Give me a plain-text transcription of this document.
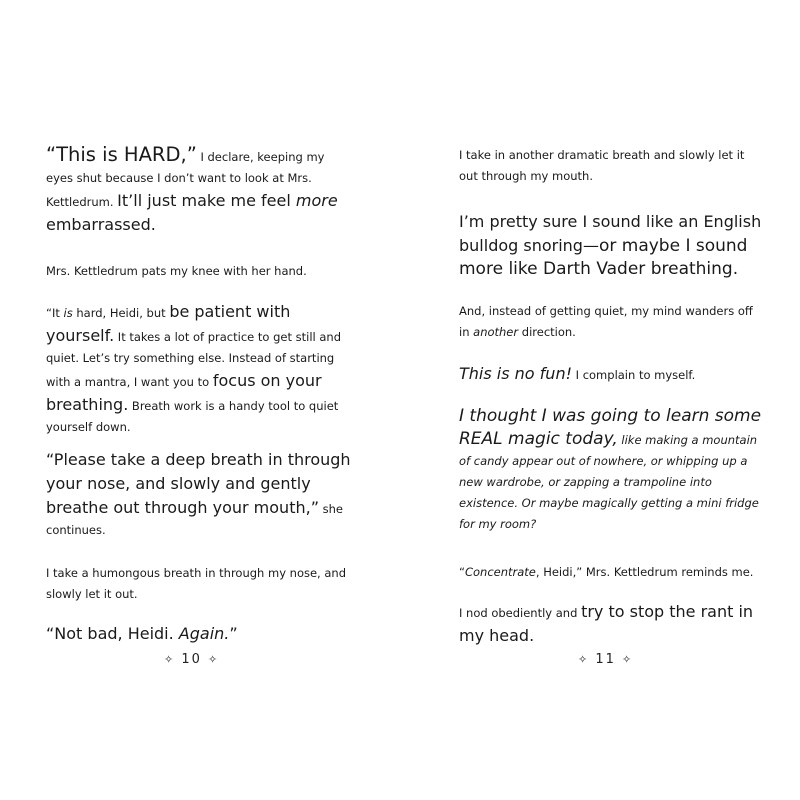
“This is HARD,” I declare, keeping my eyes shut because I don’t want to look at Mrs. Kettledrum. It’ll just make me feel more embarrassed.

Mrs. Kettledrum pats my knee with her hand.

“It is hard, Heidi, but be patient with yourself. It takes a lot of practice to get still and quiet. Let’s try something else. Instead of starting with a mantra, I want you to focus on your breathing. Breath work is a handy tool to quiet yourself down.

“Please take a deep breath in through your nose, and slowly and gently breathe out through your mouth,” she continues.

I take a humongous breath in through my nose, and slowly let it out.

“Not bad, Heidi. Again.”

✧ 10 ✧

I take in another dramatic breath and slowly let it out through my mouth.

I’m pretty sure I sound like an English bulldog snoring—or maybe I sound more like Darth Vader breathing.

And, instead of getting quiet, my mind wanders off in another direction.

This is no fun! I complain to myself.

I thought I was going to learn some REAL magic today, like making a mountain of candy appear out of nowhere, or whipping up a new wardrobe, or zapping a trampoline into existence. Or maybe magically getting a mini fridge for my room?

“Concentrate, Heidi,” Mrs. Kettledrum reminds me.

I nod obediently and try to stop the rant in my head.

✧ 11 ✧
